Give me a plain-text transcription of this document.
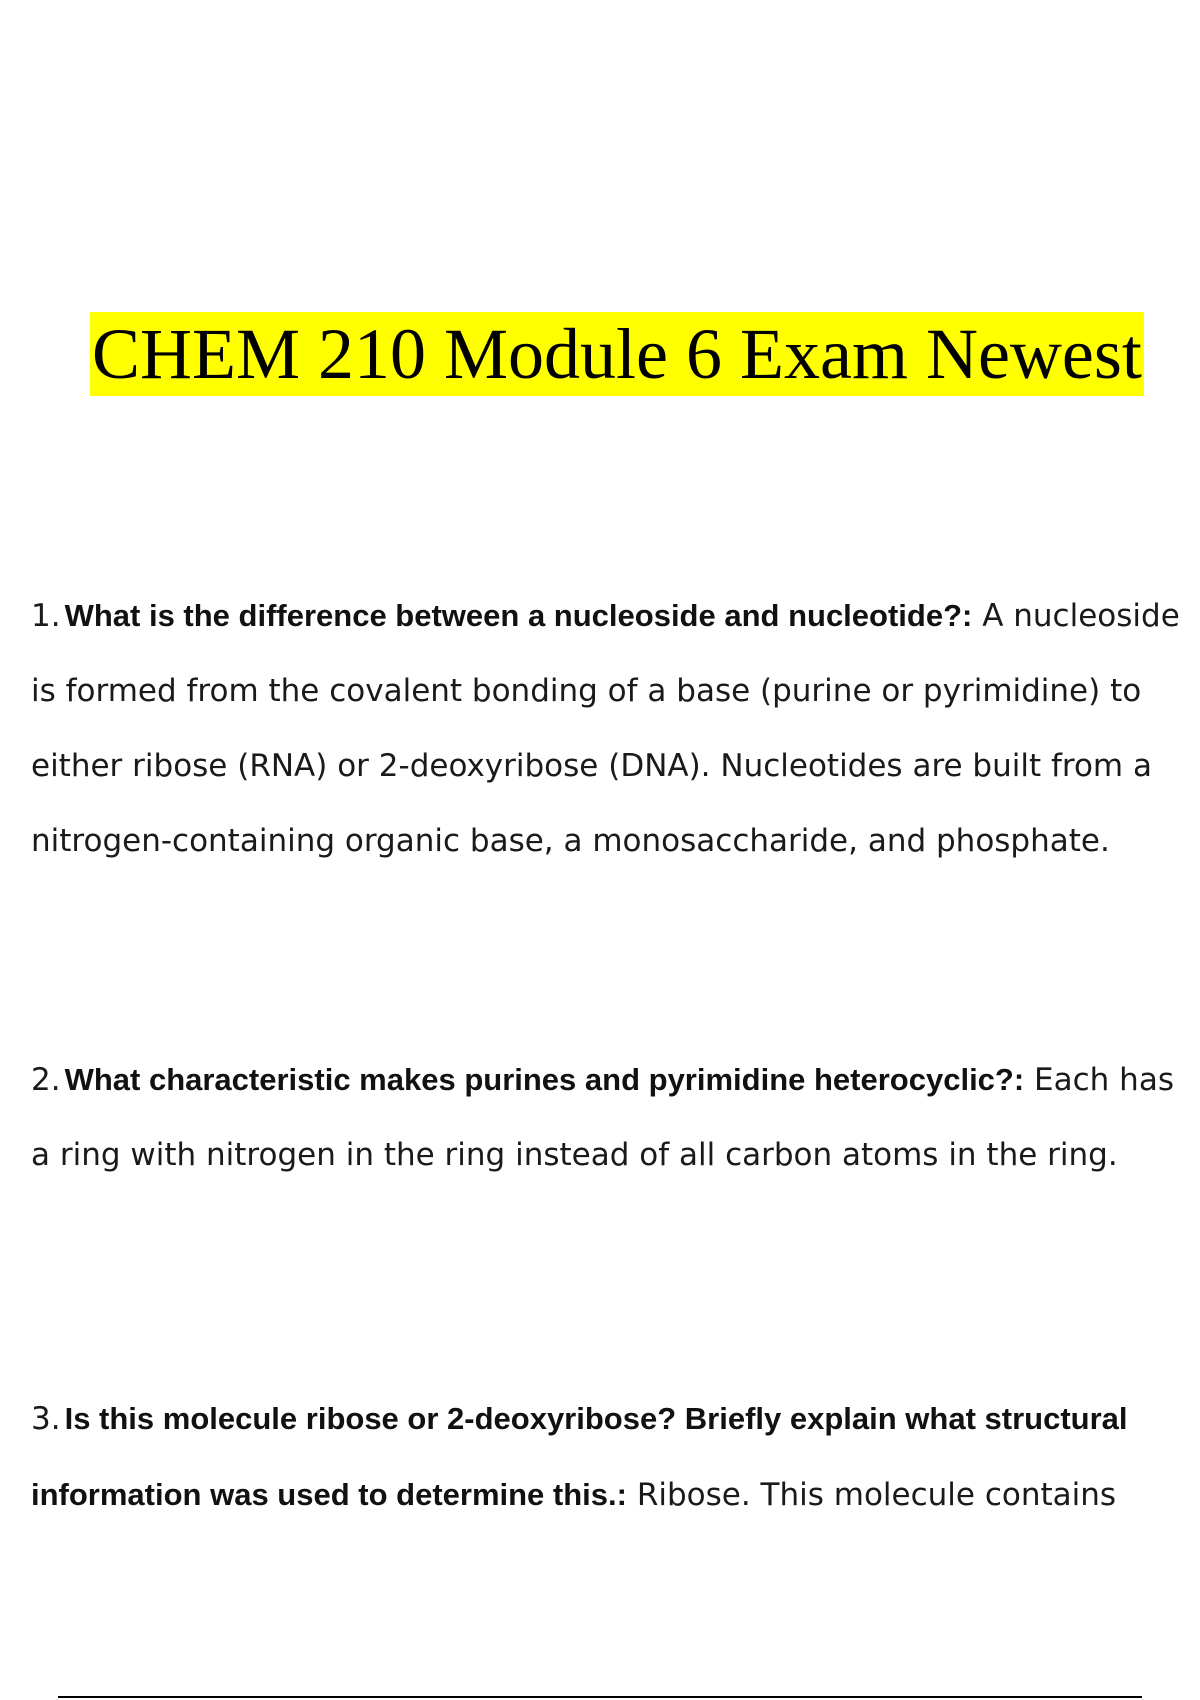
CHEM 210 Module 6 Exam Newest

1. What is the difference between a nucleoside and nucleotide?: A nucleoside is formed from the covalent bonding of a base (purine or pyrimidine) to either ribose (RNA) or 2-deoxyribose (DNA). Nucleotides are built from a nitrogen-containing organic base, a monosaccharide, and phosphate.

2. What characteristic makes purines and pyrimidine heterocyclic?: Each has a ring with nitrogen in the ring instead of all carbon atoms in the ring.

3. Is this molecule ribose or 2-deoxyribose? Briefly explain what structural information was used to determine this.: Ribose. This molecule contains
